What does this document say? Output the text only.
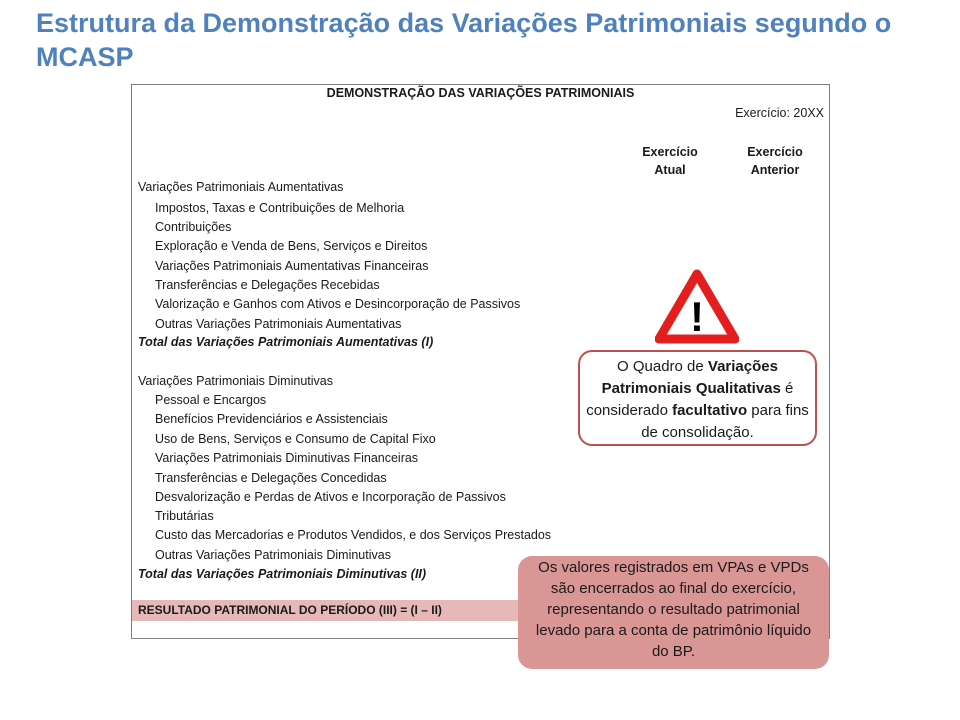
Estrutura da Demonstração das Variações Patrimoniais segundo o MCASP
DEMONSTRAÇÃO DAS VARIAÇÕES PATRIMONIAIS
Exercício: 20XX
Exercício
Atual
Exercício
Anterior
Variações Patrimoniais Aumentativas
Impostos, Taxas e Contribuições de Melhoria
Contribuições
Exploração e Venda de Bens, Serviços e Direitos
Variações Patrimoniais Aumentativas Financeiras
Transferências e Delegações Recebidas
Valorização e Ganhos com Ativos e Desincorporação de Passivos
Outras Variações Patrimoniais Aumentativas
Total das Variações Patrimoniais Aumentativas (I)
Variações Patrimoniais Diminutivas
Pessoal e Encargos
Benefícios Previdenciários e Assistenciais
Uso de Bens, Serviços e Consumo de Capital Fixo
Variações Patrimoniais Diminutivas Financeiras
Transferências e Delegações Concedidas
Desvalorização e Perdas de Ativos e Incorporação de Passivos
Tributárias
Custo das Mercadorias e Produtos Vendidos, e dos Serviços Prestados
Outras Variações Patrimoniais Diminutivas
Total das Variações Patrimoniais Diminutivas (II)
RESULTADO PATRIMONIAL DO PERÍODO (III) = (I – II)
!
O Quadro de Variações Patrimoniais Qualitativas é considerado facultativo para fins de consolidação.
Os valores registrados em VPAs e VPDs são encerrados ao final do exercício, representando o resultado patrimonial levado para a conta de patrimônio líquido do BP.
